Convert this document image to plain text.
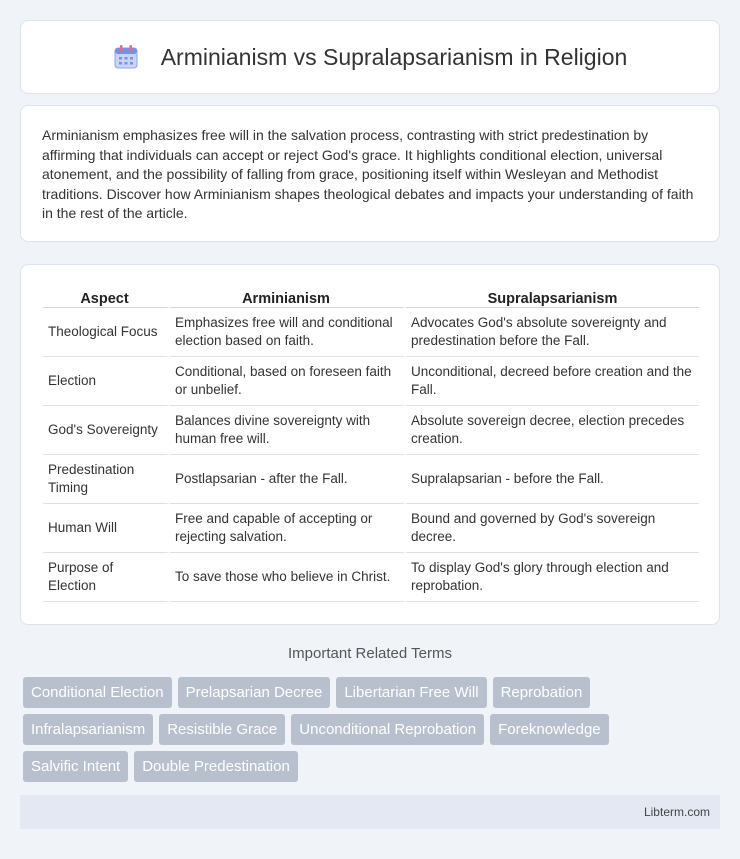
Arminianism vs Supralapsarianism in Religion

Arminianism emphasizes free will in the salvation process, contrasting with strict predestination by affirming that individuals can accept or reject God's grace. It highlights conditional election, universal atonement, and the possibility of falling from grace, positioning itself within Wesleyan and Methodist traditions. Discover how Arminianism shapes theological debates and impacts your understanding of faith in the rest of the article.

Aspect	Arminianism	Supralapsarianism
Theological Focus	Emphasizes free will and conditional election based on faith.	Advocates God's absolute sovereignty and predestination before the Fall.
Election	Conditional, based on foreseen faith or unbelief.	Unconditional, decreed before creation and the Fall.
God's Sovereignty	Balances divine sovereignty with human free will.	Absolute sovereign decree, election precedes creation.
Predestination Timing	Postlapsarian - after the Fall.	Supralapsarian - before the Fall.
Human Will	Free and capable of accepting or rejecting salvation.	Bound and governed by God's sovereign decree.
Purpose of Election	To save those who believe in Christ.	To display God's glory through election and reprobation.
Important Related Terms
Conditional Election	Prelapsarian Decree	Libertarian Free Will	Reprobation
Infralapsarianism	Resistible Grace	Unconditional Reprobation	Foreknowledge
Salvific Intent	Double Predestination
Libterm.com
